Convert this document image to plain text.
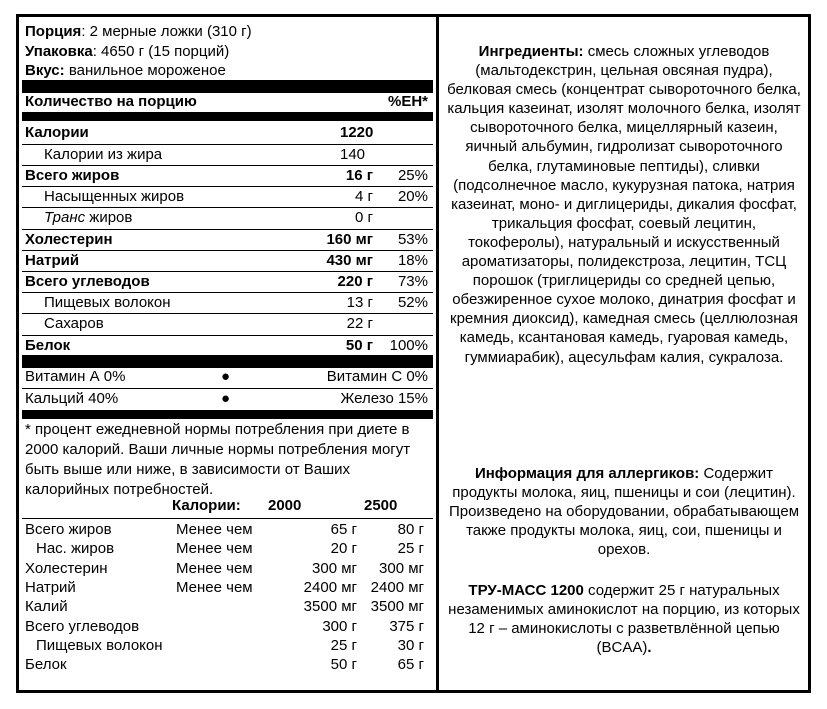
Порция: 2 мерные ложки (310 г)
Упаковка: 4650 г (15 порций)
Вкус: ванильное мороженое
Количество на порцию	%ЕН*
Калории	1220
Калории из жира	140
Всего жиров	16 г 25%
Насыщенных жиров	4 г 20%
Транс жиров	0 г
Холестерин	160 мг 53%
Натрий	430 мг 18%
Всего углеводов	220 г 73%
Пищевых волокон	13 г 52%
Сахаров	22 г
Белок	50 г 100%
Витамин А 0%	●	Витамин С 0%
Кальций 40%	●	Железо 15%
* процент ежедневной нормы потребления при диете в 2000 калорий. Ваши личные нормы потребления могут быть выше или ниже, в зависимости от Ваших калорийных потребностей.
Калории: 2000	2500
Всего жиров	Менее чем	65 г	80 г
Нас. жиров	Менее чем	20 г	25 г
Холестерин	Менее чем	300 мг 300 мг
Натрий	Менее чем	2400 мг 2400 мг
Калий	3500 мг 3500 мг
Всего углеводов	300 г 375 г
Пищевых волокон	25 г	30 г
Белок	50 г	65 г

Ингредиенты: смесь сложных углеводов (мальтодекстрин, цельная овсяная пудра), белковая смесь (концентрат сывороточного белка, кальция казеинат, изолят молочного белка, изолят сывороточного белка, мицеллярный казеин, яичный альбумин, гидролизат сывороточного белка, глутаминовые пептиды), сливки (подсолнечное масло, кукурузная патока, натрия казеинат, моно- и диглицериды, дикалия фосфат, трикальция фосфат, соевый лецитин, токоферолы), натуральный и искусственный ароматизаторы, полидекстроза, лецитин, ТСЦ порошок (триглицериды со средней цепью, обезжиренное сухое молоко, динатрия фосфат и кремния диоксид), камедная смесь (целлюлозная камедь, ксантановая камедь, гуаровая камедь, гуммиарабик), ацесульфам калия, сукралоза.

Информация для аллергиков: Содержит продукты молока, яиц, пшеницы и сои (лецитин). Произведено на оборудовании, обрабатывающем также продукты молока, яиц, сои, пшеницы и орехов.

ТРУ-МАСС 1200 содержит 25 г натуральных незаменимых аминокислот на порцию, из которых 12 г – аминокислоты с разветвлённой цепью (BCAA).
